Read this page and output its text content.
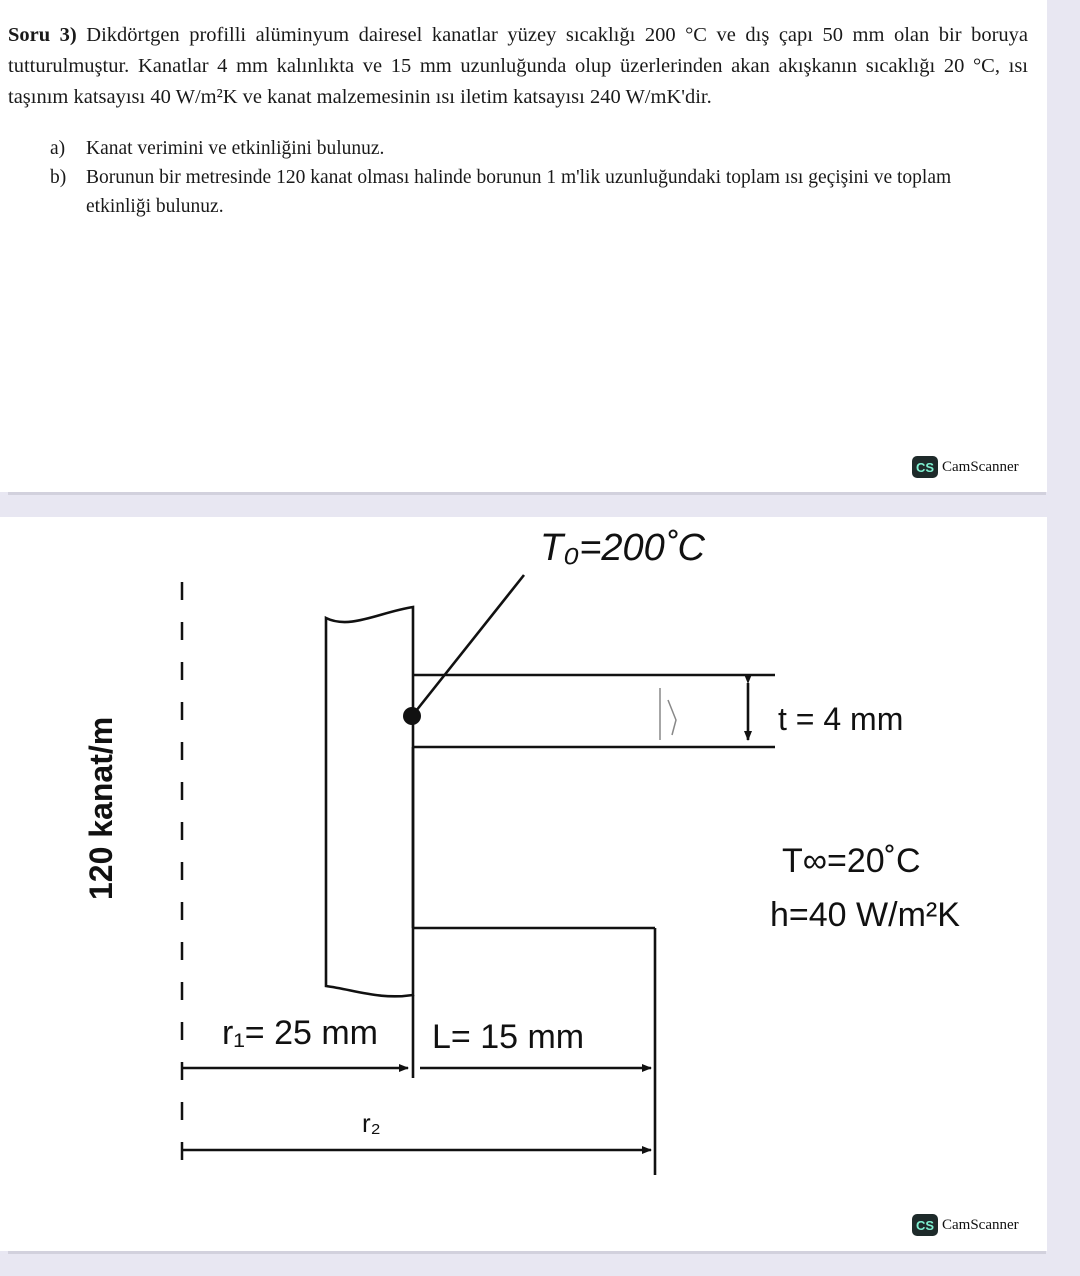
Soru 3) Dikdörtgen profilli alüminyum dairesel kanatlar yüzey sıcaklığı 200 °C ve dış çapı 50 mm olan bir boruya tutturulmuştur. Kanatlar 4 mm kalınlıkta ve 15 mm uzunluğunda olup üzerlerinden akan akışkanın sıcaklığı 20 °C, ısı taşınım katsayısı 40 W/m²K ve kanat malzemesinin ısı iletim katsayısı 240 W/mK'dir.

a)	Kanat verimini ve etkinliğini bulunuz.
b)	Borunun bir metresinde 120 kanat olması halinde borunun 1 m'lik uzunluğundaki toplam ısı geçişini ve toplam etkinliği bulunuz.
CS CamScanner
T₀=200˚C
t = 4 mm
T∞=20˚C
h=40 W/m²K
120 kanat/m
r₁= 25 mm L= 15 mm
r₂
CS CamScanner
